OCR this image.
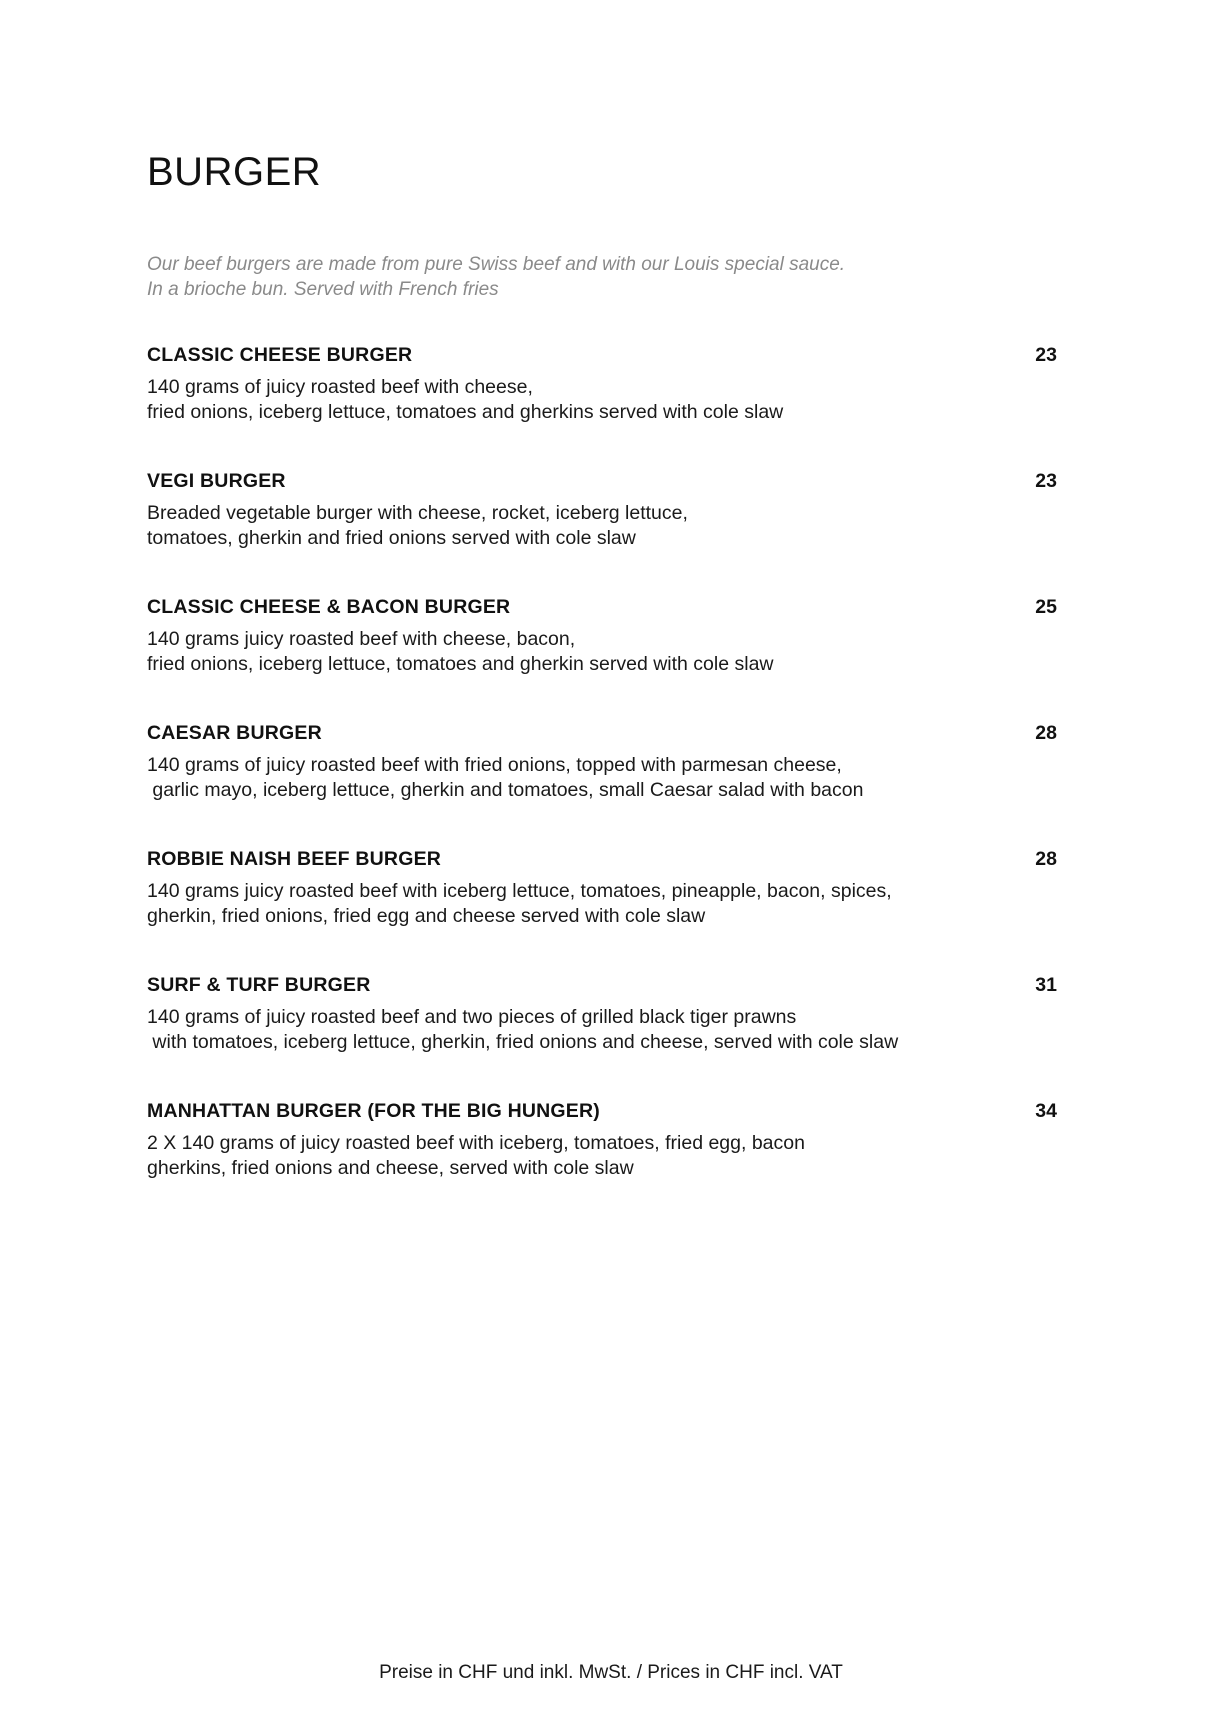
BURGER
Our beef burgers are made from pure Swiss beef and with our Louis special sauce.
In a brioche bun. Served with French fries
CLASSIC CHEESE BURGER	23
140 grams of juicy roasted beef with cheese,
fried onions, iceberg lettuce, tomatoes and gherkins served with cole slaw
VEGI BURGER	23
Breaded vegetable burger with cheese, rocket, iceberg lettuce,
tomatoes, gherkin and fried onions served with cole slaw
CLASSIC CHEESE & BACON BURGER	25
140 grams juicy roasted beef with cheese, bacon,
fried onions, iceberg lettuce, tomatoes and gherkin served with cole slaw
CAESAR BURGER	28
140 grams of juicy roasted beef with fried onions, topped with parmesan cheese,
garlic mayo, iceberg lettuce, gherkin and tomatoes, small Caesar salad with bacon
ROBBIE NAISH BEEF BURGER	28
140 grams juicy roasted beef with iceberg lettuce, tomatoes, pineapple, bacon, spices,
gherkin, fried onions, fried egg and cheese served with cole slaw
SURF & TURF BURGER	31
140 grams of juicy roasted beef and two pieces of grilled black tiger prawns
with tomatoes, iceberg lettuce, gherkin, fried onions and cheese, served with cole slaw
MANHATTAN BURGER (FOR THE BIG HUNGER)	34
2 X 140 grams of juicy roasted beef with iceberg, tomatoes, fried egg, bacon
gherkins, fried onions and cheese, served with cole slaw
Preise in CHF und inkl. MwSt. / Prices in CHF incl. VAT
